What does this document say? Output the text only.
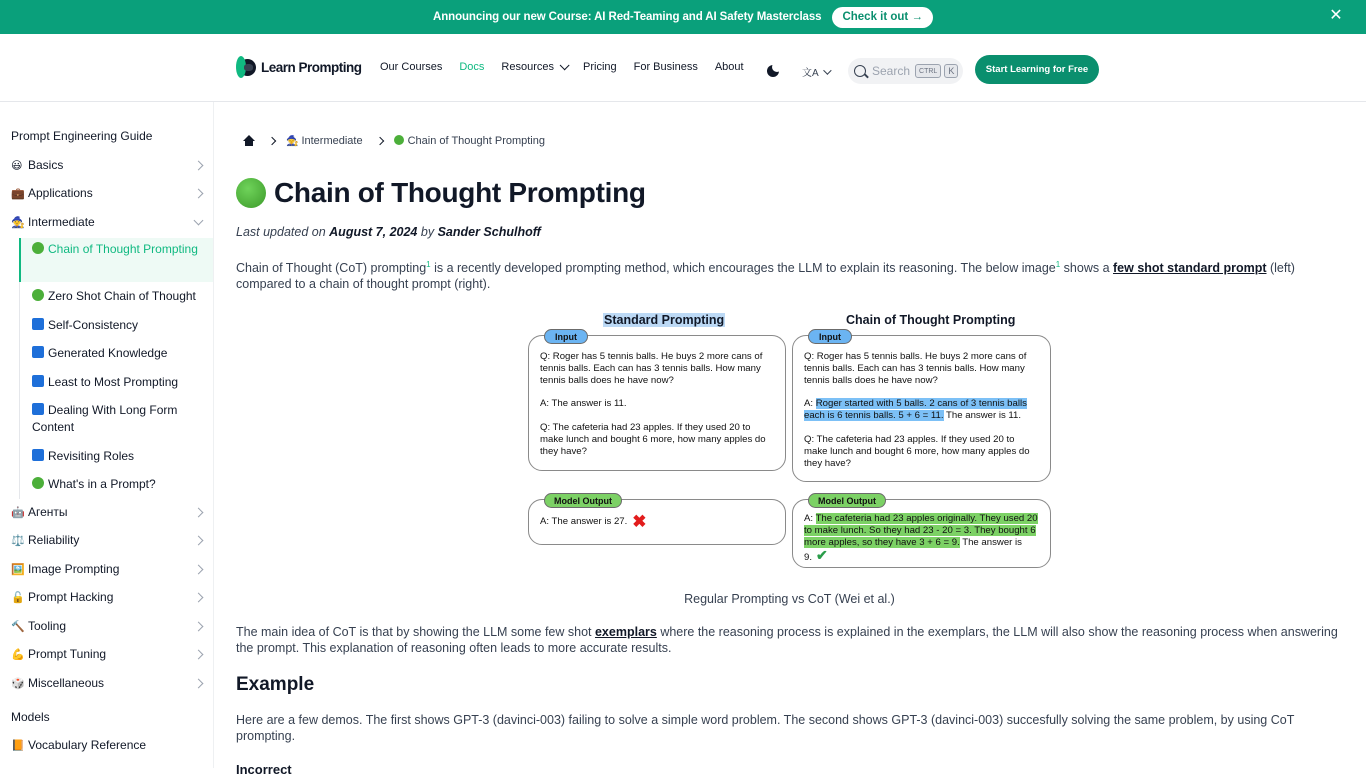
Announcing our new Course: AI Red-Teaming and AI Safety Masterclass	Check it out →	✕
Learn Prompting Our Courses Docs Resources	Pricing For Business About
文A	Search	CTRL	K	Start Learning for Free
Prompt Engineering Guide
😃 Basics
💼 Applications
🧙 Intermediate
Chain of Thought Prompting
Zero Shot Chain of Thought
Self-Consistency
Generated Knowledge
Least to Most Prompting
Dealing With Long Form Content
Revisiting Roles
What's in a Prompt?
🤖 Агенты
⚖️ Reliability
🖼️ Image Prompting
🔓 Prompt Hacking
🔨 Tooling
💪 Prompt Tuning
🎲 Miscellaneous
Models
📙 Vocabulary Reference
🧙 Intermediate	Chain of Thought Prompting
Chain of Thought Prompting
Last updated on August 7, 2024 by Sander Schulhoff

Chain of Thought (CoT) prompting$^1$ is a recently developed prompting method, which encourages the LLM to explain its reasoning. The below image$^1$ shows a few shot standard prompt (left) compared to a chain of thought prompt (right).

Standard Prompting	Chain of Thought Prompting
Q: Roger has 5 tennis balls. He buys 2 more cans of tennis balls. Each can has 3 tennis balls. How many tennis balls does he have now?
A: The answer is 11.
Q: The cafeteria had 23 apples. If they used 20 to make lunch and bought 6 more, how many apples do they have?
Input
Q: Roger has 5 tennis balls. He buys 2 more cans of tennis balls. Each can has 3 tennis balls. How many tennis balls does he have now?
A: Roger started with 5 balls. 2 cans of 3 tennis balls each is 6 tennis balls. 5 + 6 = 11. The answer is 11.
Q: The cafeteria had 23 apples. If they used 20 to make lunch and bought 6 more, how many apples do they have?
Input
A: The answer is 27. ✖
Model Output
A: The cafeteria had 23 apples originally. They used 20 to make lunch. So they had 23 - 20 = 3. They bought 6 more apples, so they have 3 + 6 = 9. The answer is 9. ✔
Model Output
Regular Prompting vs CoT (Wei et al.)

The main idea of CoT is that by showing the LLM some few shot exemplars where the reasoning process is explained in the exemplars, the LLM will also show the reasoning process when answering the prompt. This explanation of reasoning often leads to more accurate results.

Example

Here are a few demos. The first shows GPT-3 (davinci-003) failing to solve a simple word problem. The second shows GPT-3 (davinci-003) succesfully solving the same problem, by using CoT prompting.

Incorrect
